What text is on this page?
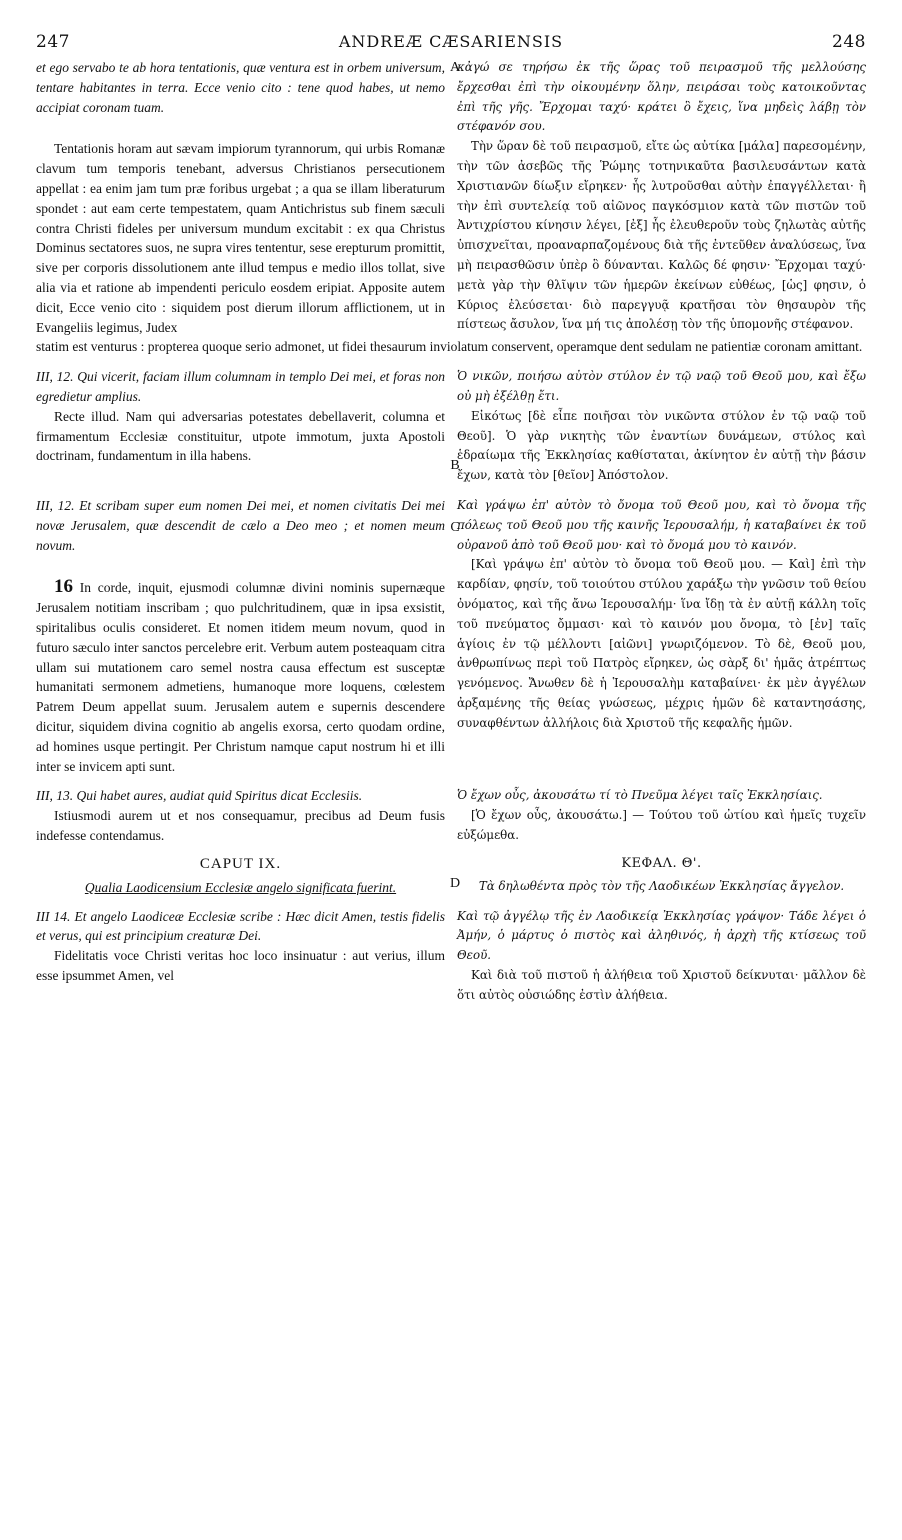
247	ANDREÆ CÆSARIENSIS	248
A
B

et ego servabo te ab hora tentationis, quæ ventura est in orbem universum, tentare habitantes in terra. Ecce venio cito : tene quod habes, ut nemo accipiat coronam tuam.

Tentationis horam aut sævam impiorum tyrannorum, qui urbis Romanæ clavum tum temporis tenebant, adversus Christianos persecutionem appellat : ea enim jam tum præ foribus urgebat ; a qua se illam liberaturum spondet : aut eam certe tempestatem, quam Antichristus sub finem sæculi contra Christi fideles per universum mundum excitabit : ex qua Christus Dominus sectatores suos, ne supra vires tententur, sese erepturum promittit, sive per corporis dissolutionem ante illud tempus e medio illos tollat, sive alia via et ratione ab impendenti periculo eosdem eripiat. Apposite autem dicit, Ecce venio cito : siquidem post dierum illorum afflictionem, ut in Evangeliis legimus, Judex

κἀγώ σε τηρήσω ἐκ τῆς ὥρας τοῦ πειρασμοῦ τῆς μελλούσης ἔρχεσθαι ἐπὶ τὴν οἰκουμένην ὅλην, πειράσαι τοὺς κατοικοῦντας ἐπὶ τῆς γῆς. Ἔρχομαι ταχύ· κράτει ὃ ἔχεις, ἵνα μηδεὶς λάβῃ τὸν στέφανόν σου.

Τὴν ὥραν δὲ τοῦ πειρασμοῦ, εἴτε ὡς αὐτίκα [μάλα] παρεσομένην, τὴν τῶν ἀσεβῶς τῆς Ῥώμης τοτηνικαῦτα βασιλευσάντων κατὰ Χριστιανῶν δίωξιν εἴρηκεν· ἧς λυτροῦσθαι αὐτὴν ἐπαγγέλλεται· ἢ τὴν ἐπὶ συντελείᾳ τοῦ αἰῶνος παγκόσμιον κατὰ τῶν πιστῶν τοῦ Ἀντιχρίστου κίνησιν λέγει, [ἐξ] ἧς ἐλευθεροῦν τοὺς ζηλωτὰς αὐτῆς ὑπισχνεῖται, προαναρπαζομένους διὰ τῆς ἐντεῦθεν ἀναλύσεως, ἵνα μὴ πειρασθῶσιν ὑπὲρ ὃ δύνανται. Καλῶς δέ φησιν· Ἔρχομαι ταχύ· μετὰ γὰρ τὴν θλῖψιν τῶν ἡμερῶν ἐκείνων εὐθέως, [ὡς] φησιν, ὁ Κύριος ἐλεύσεται· διὸ παρεγγυᾷ κρατῆσαι τὸν θησαυρὸν τῆς πίστεως ἄσυλον, ἵνα μή τις ἀπολέσῃ τὸν τῆς ὑπομονῆς στέφανον.

statim est venturus : propterea quoque serio admonet, ut fidei thesaurum inviolatum conservent, operamque dent sedulam ne patientiæ coronam amittant.

III, 12. Qui vicerit, faciam illum columnam in templo Dei mei, et foras non egredietur amplius.

Recte illud. Nam qui adversarias potestates debellaverit, columna et firmamentum Ecclesiæ constituitur, utpote immotum, juxta Apostoli doctrinam, fundamentum in illa habens.

Ὁ νικῶν, ποιήσω αὐτὸν στύλον ἐν τῷ ναῷ τοῦ Θεοῦ μου, καὶ ἔξω οὐ μὴ ἐξέλθῃ ἔτι.

Εἰκότως [δὲ εἶπε ποιῆσαι τὸν νικῶντα στύλον ἐν τῷ ναῷ τοῦ Θεοῦ]. Ὁ γὰρ νικητὴς τῶν ἐναντίων δυνάμεων, στύλος καὶ ἑδραίωμα τῆς Ἐκκλησίας καθίσταται, ἀκίνητον ἐν αὐτῇ τὴν βάσιν ἔχων, κατὰ τὸν [θεῖον] Ἀπόστολον.

C
D

III, 12. Et scribam super eum nomen Dei mei, et nomen civitatis Dei mei novæ Jerusalem, quæ descendit de cælo a Deo meo ; et nomen meum novum.

16 In corde, inquit, ejusmodi columnæ divini nominis supernæque Jerusalem notitiam inscribam ; quo pulchritudinem, quæ in ipsa exsistit, spiritalibus oculis consideret. Et nomen itidem meum novum, quod in futuro sæculo inter sanctos percelebre erit. Verbum autem posteaquam citra ullam sui mutationem caro semel nostra causa effectum est susceptæ humanitati sermonem admetiens, humanoque more loquens, cœlestem Patrem Deum appellat suum. Jerusalem autem e supernis descendere dicitur, siquidem divina cognitio ab angelis exorsa, certo quodam ordine, ad homines usque pertingit. Per Christum namque caput nostrum hi et illi inter se invicem apti sunt.

Καὶ γράψω ἐπ' αὐτὸν τὸ ὄνομα τοῦ Θεοῦ μου, καὶ τὸ ὄνομα τῆς πόλεως τοῦ Θεοῦ μου τῆς καινῆς Ἱερουσαλήμ, ἡ καταβαίνει ἐκ τοῦ οὐρανοῦ ἀπὸ τοῦ Θεοῦ μου· καὶ τὸ ὄνομά μου τὸ καινόν.

[Καὶ γράψω ἐπ' αὐτὸν τὸ ὄνομα τοῦ Θεοῦ μου. — Καὶ] ἐπὶ τὴν καρδίαν, φησίν, τοῦ τοιούτου στύλου χαράξω τὴν γνῶσιν τοῦ θείου ὀνόματος, καὶ τῆς ἄνω Ἱερουσαλήμ· ἵνα ἴδῃ τὰ ἐν αὐτῇ κάλλη τοῖς τοῦ πνεύματος ὄμμασι· καὶ τὸ καινόν μου ὄνομα, τὸ [ἐν] ταῖς ἁγίοις ἐν τῷ μέλλοντι [αἰῶνι] γνωριζόμενον. Τὸ δὲ, Θεοῦ μου, ἀνθρωπίνως περὶ τοῦ Πατρὸς εἴρηκεν, ὡς σὰρξ δι' ἡμᾶς ἀτρέπτως γενόμενος. Ἄνωθεν δὲ ἡ Ἱερουσαλὴμ καταβαίνει· ἐκ μὲν ἀγγέλων ἀρξαμένης τῆς θείας γνώσεως, μέχρις ἡμῶν δὲ καταντησάσης, συναφθέντων ἀλλήλοις διὰ Χριστοῦ τῆς κεφαλῆς ἡμῶν.

III, 13. Qui habet aures, audiat quid Spiritus dicat Ecclesiis.

Istiusmodi aurem ut et nos consequamur, precibus ad Deum fusis indefesse contendamus.

Ὁ ἔχων οὖς, ἀκουσάτω τί τὸ Πνεῦμα λέγει ταῖς Ἐκκλησίαις.

[Ὁ ἔχων οὖς, ἀκουσάτω.] — Τούτου τοῦ ὠτίου καὶ ἡμεῖς τυχεῖν εὐξώμεθα.

CAPUT IX.

Qualia Laodicensium Ecclesiæ angelo significata fuerint.

ΚΕΦΑΛ. Θ'.

Τὰ δηλωθέντα πρὸς τὸν τῆς Λαοδικέων Ἐκκλησίας ἄγγελον.

III 14. Et angelo Laodiceæ Ecclesiæ scribe : Hæc dicit Amen, testis fidelis et verus, qui est principium creaturæ Dei.

Fidelitatis voce Christi veritas hoc loco insinuatur : aut verius, illum esse ipsummet Amen, vel

Καὶ τῷ ἀγγέλῳ τῆς ἐν Λαοδικείᾳ Ἐκκλησίας γράψον· Τάδε λέγει ὁ Ἀμήν, ὁ μάρτυς ὁ πιστὸς καὶ ἀληθινός, ἡ ἀρχὴ τῆς κτίσεως τοῦ Θεοῦ.

Καὶ διὰ τοῦ πιστοῦ ἡ ἀλήθεια τοῦ Χριστοῦ δείκνυται· μᾶλλον δὲ ὅτι αὐτὸς οὐσιώδης ἐστὶν ἀλήθεια.
